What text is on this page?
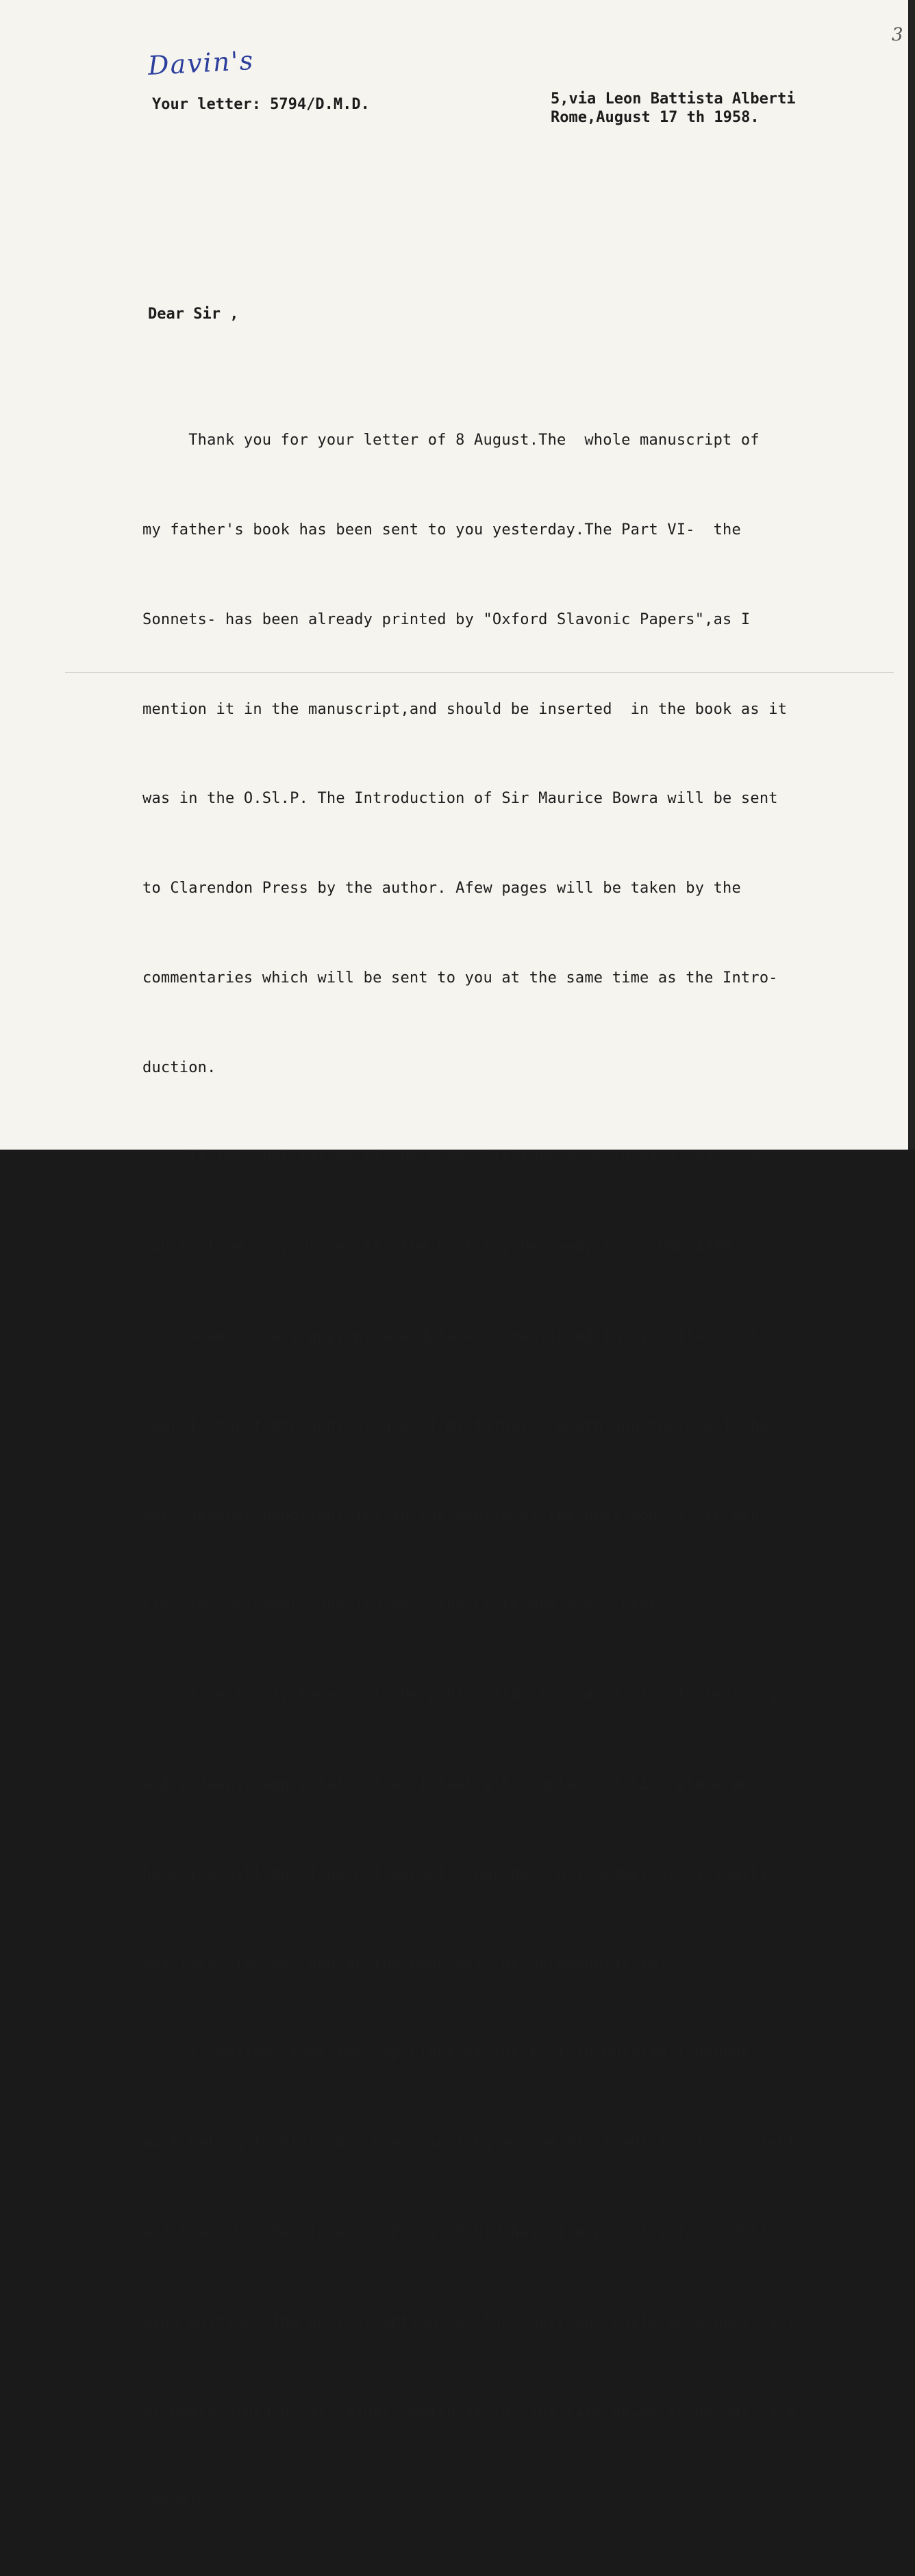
3
Davin's
Your letter: 5794/D.M.D.	5,via Leon Battista Alberti
Rome,August 17 th 1958.
Dear Sir ,

Thank you for your letter of 8 August.The  whole manuscript of

my father's book has been sent to you yesterday.The Part VI-  the

Sonnets- has been already printed by "Oxford Slavonic Papers",as I

mention it in the manuscript,and should be inserted  in the book as it

was in the O.Sl.P. The Introduction of Sir Maurice Bowra will be sent

to Clarendon Press by the author. Afew pages will be taken by the

commentaries which will be sent to you at the same time as the Intro-

duction.

If the publication of the book will take as much as a year - as

you tell me in your letter- the book may be ready in autumn 1959.

This seems a very appropriate date.As I mentioned in my letter,next

year is the tenth anniversary of my father's death and there will be

then several opportunities,in the course of the next months- to men-

tion,in newspapers and journals,the Clarendon Press book.

I certainly know that the publication is " a service to learning"

and I deeply appreciate it as I feel all scholars of literature and

humanism will do. I do not expect - nor does any member of my family-

any royalties as long as the book will be unremunerative.

I consider that the copyright of the text in Russian language

must belong to Clarendon Press,so long as the first edition is availabl

and that the the Clarendon Press should have the priority for a follo-

wing edition.(The only exception for the copyright could be a publicati

of Opera Omnia of my father ,which is for the time being in no way fore

seeable).
